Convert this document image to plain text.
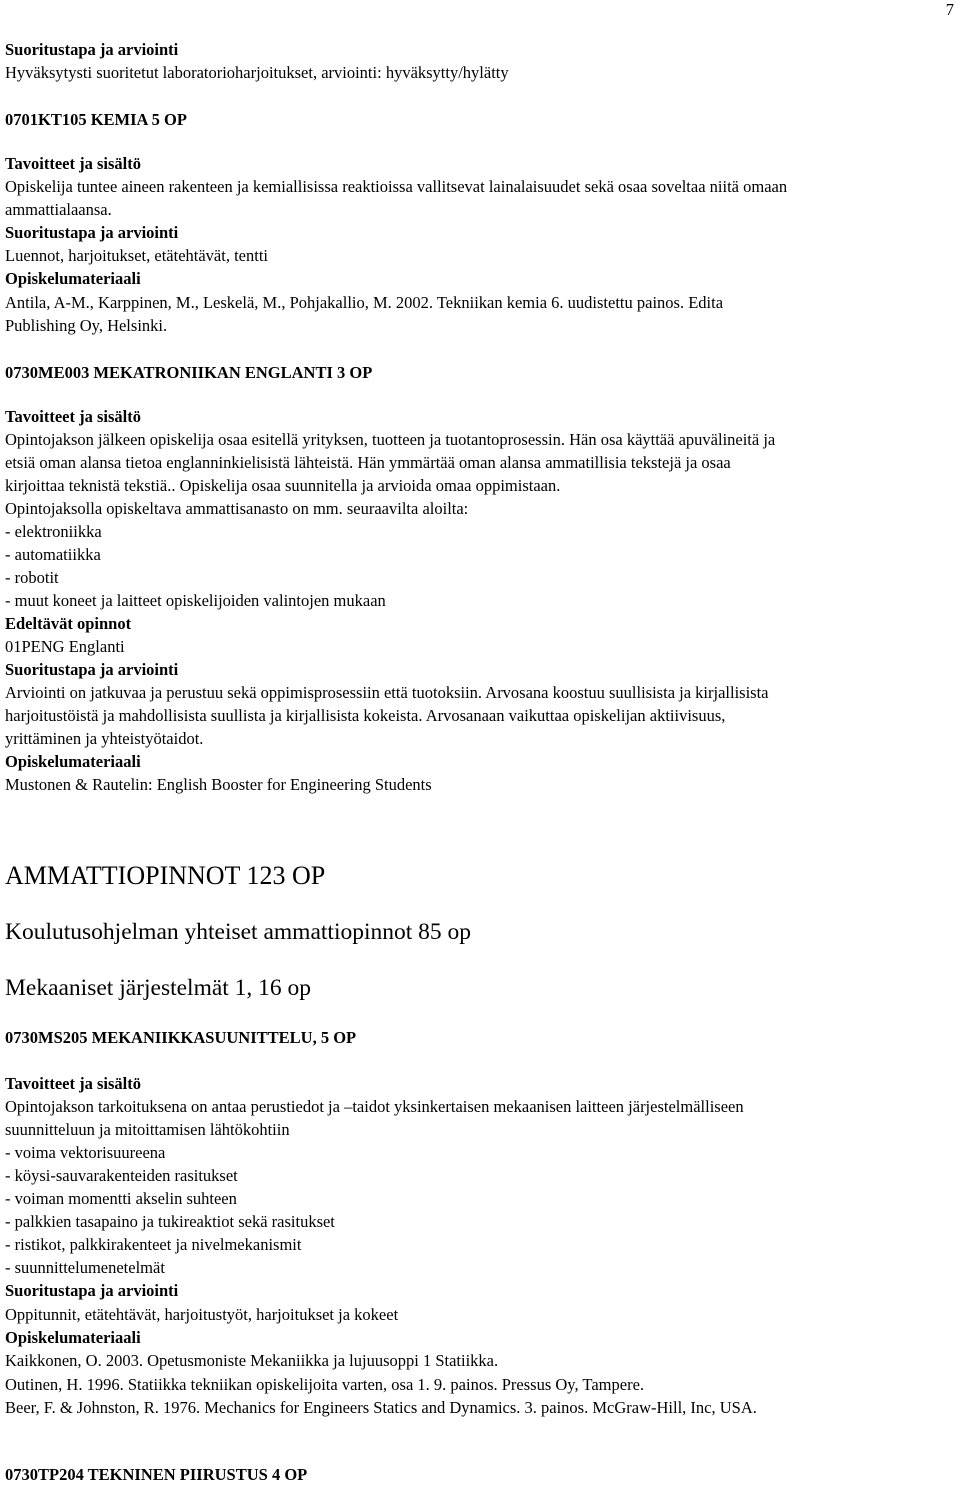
7
Suoritustapa ja arviointi
Hyväksytysti suoritetut laboratorioharjoitukset, arviointi: hyväksytty/hylätty
0701KT105 KEMIA 5 OP
Tavoitteet ja sisältö
Opiskelija tuntee aineen rakenteen ja kemiallisissa reaktioissa vallitsevat lainalaisuudet sekä osaa soveltaa niitä omaan
ammattialaansa.
Suoritustapa ja arviointi
Luennot, harjoitukset, etätehtävät, tentti
Opiskelumateriaali
Antila, A-M., Karppinen, M., Leskelä, M., Pohjakallio, M. 2002. Tekniikan kemia 6. uudistettu painos. Edita
Publishing Oy, Helsinki.
0730ME003 MEKATRONIIKAN ENGLANTI 3 OP
Tavoitteet ja sisältö
Opintojakson jälkeen opiskelija osaa esitellä yrityksen, tuotteen ja tuotantoprosessin. Hän osa käyttää apuvälineitä ja
etsiä oman alansa tietoa englanninkielisistä lähteistä. Hän ymmärtää oman alansa ammatillisia tekstejä ja osaa
kirjoittaa teknistä tekstiä.. Opiskelija osaa suunnitella ja arvioida omaa oppimistaan.
Opintojaksolla opiskeltava ammattisanasto on mm. seuraavilta aloilta:
- elektroniikka
- automatiikka
- robotit
- muut koneet ja laitteet opiskelijoiden valintojen mukaan
Edeltävät opinnot
01PENG Englanti
Suoritustapa ja arviointi
Arviointi on jatkuvaa ja perustuu sekä oppimisprosessiin että tuotoksiin. Arvosana koostuu suullisista ja kirjallisista
harjoitustöistä ja mahdollisista suullista ja kirjallisista kokeista. Arvosanaan vaikuttaa opiskelijan aktiivisuus,
yrittäminen ja yhteistyötaidot.
Opiskelumateriaali
Mustonen & Rautelin: English Booster for Engineering Students
AMMATTIOPINNOT 123 OP
Koulutusohjelman yhteiset ammattiopinnot 85 op
Mekaaniset järjestelmät 1, 16 op
0730MS205 MEKANIIKKASUUNITTELU, 5 OP
Tavoitteet ja sisältö
Opintojakson tarkoituksena on antaa perustiedot ja –taidot yksinkertaisen mekaanisen laitteen järjestelmälliseen
suunnitteluun ja mitoittamisen lähtökohtiin
- voima vektorisuureena
- köysi-sauvarakenteiden rasitukset
- voiman momentti akselin suhteen
- palkkien tasapaino ja tukireaktiot sekä rasitukset
- ristikot, palkkirakenteet ja nivelmekanismit
- suunnittelumenetelmät
Suoritustapa ja arviointi
Oppitunnit, etätehtävät, harjoitustyöt, harjoitukset ja kokeet
Opiskelumateriaali
Kaikkonen, O. 2003. Opetusmoniste Mekaniikka ja lujuusoppi 1 Statiikka.
Outinen, H. 1996. Statiikka tekniikan opiskelijoita varten, osa 1. 9. painos. Pressus Oy, Tampere.
Beer, F. & Johnston, R. 1976. Mechanics for Engineers Statics and Dynamics. 3. painos. McGraw-Hill, Inc, USA.
0730TP204 TEKNINEN PIIRUSTUS 4 OP
